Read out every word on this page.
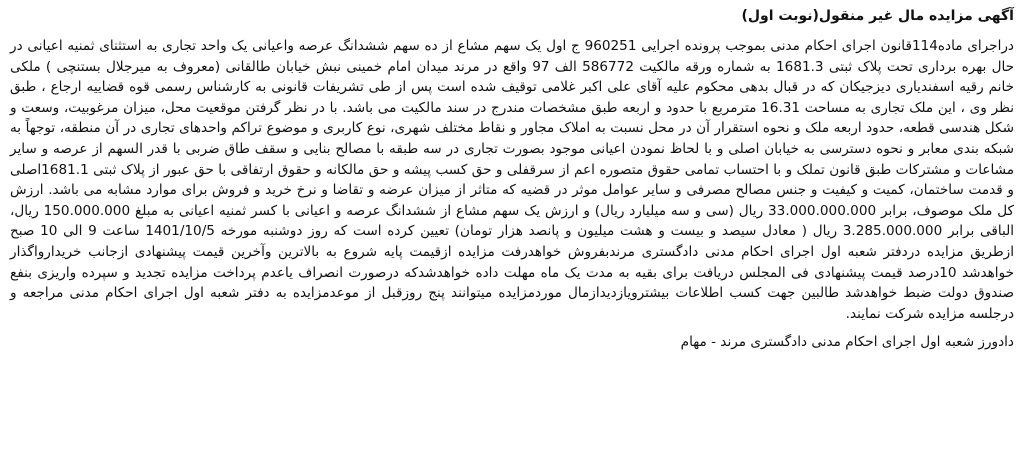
آگهی مزایده مال غیر منقول(نوبت اول)

دراجرای ماده114قانون اجرای احکام مدنی بموجب پرونده اجرایی 960251 ج اول یک سهم مشاع از ده سهم ششدانگ عرصه واعیانی یک واحد تجاری به استثنای ثمنیه اعیانی در حال بهره برداری تحت پلاک ثبتی 1681.3 به شماره ورقه مالکیت 586772 الف 97 واقع در مرند میدان امام خمینی نبش خیابان طالقانی (معروف به میرجلال بستنچی ) ملکی خانم رقیه اسفندیاری دیزجیکان که در قبال بدهی محکوم علیه آقای علی اکبر غلامی توقیف شده است پس از طی تشریفات قانونی به کارشناس رسمی قوه قضاییه ارجاع ، طبق نظر وی ، این ملک تجاری به مساحت 16.31 مترمربع با حدود و اربعه طبق مشخصات مندرج در سند مالکیت می باشد. با در نظر گرفتن موقعیت محل، میزان مرغوبیت، وسعت و شکل هندسی قطعه، حدود اربعه ملک و نحوه استقرار آن در محل نسبت به املاک مجاور و نقاط مختلف شهری، نوع کاربری و موضوع تراکم واحدهای تجاری در آن منطقه، توجهاً به شبکه بندی معابر و نحوه دسترسی به خیابان اصلی و با لحاظ نمودن اعیانی موجود بصورت تجاری در سه طبقه با مصالح بنایی و سقف طاق ضربی با قدر السهم از عرصه و سایر مشاعات و مشترکات طبق قانون تملک و با احتساب تمامی حقوق متصوره اعم از سرقفلی و حق کسب پیشه و حق مالکانه و حقوق ارتفاقی با حق عبور از پلاک ثبتی 1681.1اصلی و قدمت ساختمان، کمیت و کیفیت و جنس مصالح مصرفی و سایر عوامل موثر در قضیه که متاثر از میزان عرضه و تقاضا و نرخ خرید و فروش برای موارد مشابه می باشد. ارزش کل ملک موصوف، برابر 33.000.000.000 ریال (سی و سه میلیارد ریال) و ارزش یک سهم مشاع از ششدانگ عرصه و اعیانی با کسر ثمنیه اعیانی به مبلغ 150.000.000 ریال، الباقی برابر 3.285.000.000 ریال ( معادل سیصد و بیست و هشت میلیون و پانصد هزار تومان) تعیین کرده است که روز دوشنبه مورخه 1401/10/5 ساعت 9 الی 10 صبح ازطریق مزایده دردفتر شعبه اول اجرای احکام مدنی دادگستری مرندبفروش خواهدرفت مزایده ازقیمت پایه شروع به بالاترین وآخرین قیمت پیشنهادی ازجانب خریدارواگذار خواهدشد 10درصد قیمت پیشنهادی فی المجلس دریافت برای بقیه به مدت یک ماه مهلت داده خواهدشدکه درصورت انصراف یاعدم پرداخت مزایده تجدید و سپرده واریزی بنفع صندوق دولت ضبط خواهدشد طالبین جهت کسب اطلاعات بیشترویازدیدازمال موردمزایده میتوانند پنج روزقبل از موعدمزایده به دفتر شعبه اول اجرای احکام مدنی مراجعه و درجلسه مزایده شرکت نمایند.

دادورز شعبه اول اجرای احکام مدنی دادگستری مرند - مهام
